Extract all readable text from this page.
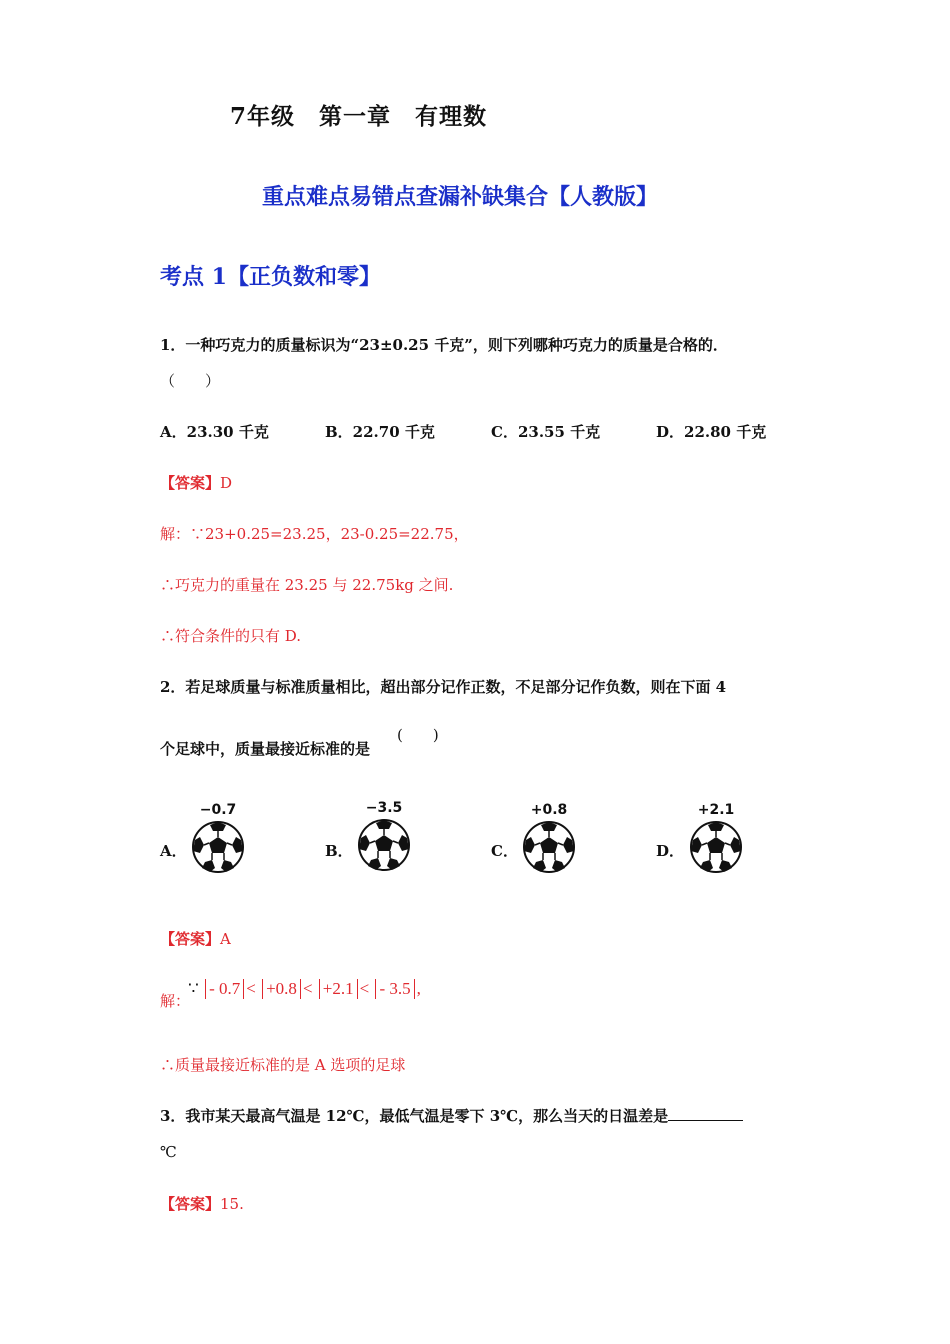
7年级　第一章　有理数
重点难点易错点查漏补缺集合【人教版】
考点 1【正负数和零】
1．一种巧克力的质量标识为“23±0.25 千克”，则下列哪种巧克力的质量是合格的．
（　　）
A．23.30 千克	B．22.70 千克	C．23.55 千克	D．22.80 千克
【答案】D
解：∵23+0.25=23.25，23-0.25=22.75，
∴巧克力的重量在 23.25 与 22.75kg 之间.
∴符合条件的只有 D.
2．若足球质量与标准质量相比，超出部分记作正数，不足部分记作负数，则在下面 4
个足球中，质量最接近标准的是
(　　)
A．
−0.7
B．
−3.5
C．
+0.8
D．
+2.1
【答案】A
解：
∵ - 0.7 < +0.8 < +2.1 < - 3.5 ,
∴质量最接近标准的是 A 选项的足球
3．我市某天最高气温是 12℃，最低气温是零下 3℃，那么当天的日温差是
℃
【答案】15.
